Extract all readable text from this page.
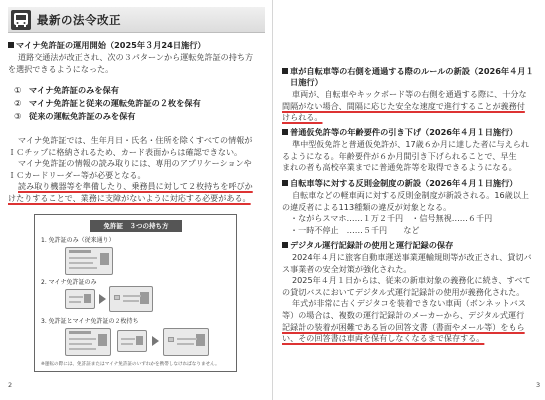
最新の法令改正
マイナ免許証の運用開始（2025年３月24日施行）
道路交通法が改正され、次の３パターンから運転免許証の持ち方
を選択できるようになった。
① マイナ免許証のみを保有
② マイナ免許証と従来の運転免許証の２枚を保有
③ 従来の運転免許証のみを保有
マイナ免許証では、生年月日・氏名・住所を除くすべての情報が
ＩＣチップに格納されるため、カード表面からは確認できない。
マイナ免許証の情報の読み取りには、専用のアプリケーションや
ＩＣカードリーダー等が必要となる。
読み取り機器等を準備したり、乗務員に対して２枚持ちを呼びか
けたりすることで、業務に支障がないように対応する必要がある。
免許証　３つの持ち方
1. 免許証のみ（従来通り）
2. マイナ免許証のみ
3. 免許証とマイナ免許証の２枚持ち
※運転の際には、免許証またはマイナ免許証のいずれかを携帯しなければなりません。
2
車が自転車等の右側を通過する際のルールの新設（2026年４月１
日施行）
車両が、自転車やキックボード等の右側を通過する際に、十分な
間隔がない場合、間隔に応じた安全な速度で進行することが義務付
けられる。
普通仮免許等の年齢要件の引き下げ（2026年４月１日施行）
準中型仮免許と普通仮免許が、17歳６か月に達した者に与えられ
るようになる。年齢要件が６か月間引き下げられることで、早生
まれの者も高校卒業までに普通免許等を取得できるようになる。
自転車等に対する反則金制度の新設（2026年４月１日施行）
自転車などの軽車両に対する反則金制度が新設される。16歳以上
の違反者による113種類の違反が対象となる。
・ながらスマホ……１万２千円　・信号無視……６千円
・一時不停止　……５千円　　など
デジタル運行記録計の使用と運行記録の保存
2024年４月に旅客自動車運送事業運輸規則等が改正され、貸切バ
ス事業者の安全対策が強化された。
2025年４月１日からは、従来の新車対象の義務化に続き、すべて
の貸切バスにおいてデジタル式運行記録計の使用が義務化された。
年式が非常に古くデジタコを装着できない車両（ボンネットバス
等）の場合は、複数の運行記録計のメーカーから、デジタル式運行
記録計の装着が困難である旨の回答文書（書面やメール等）をもら
い、その回答書は車両を保有しなくなるまで保存する。
3
